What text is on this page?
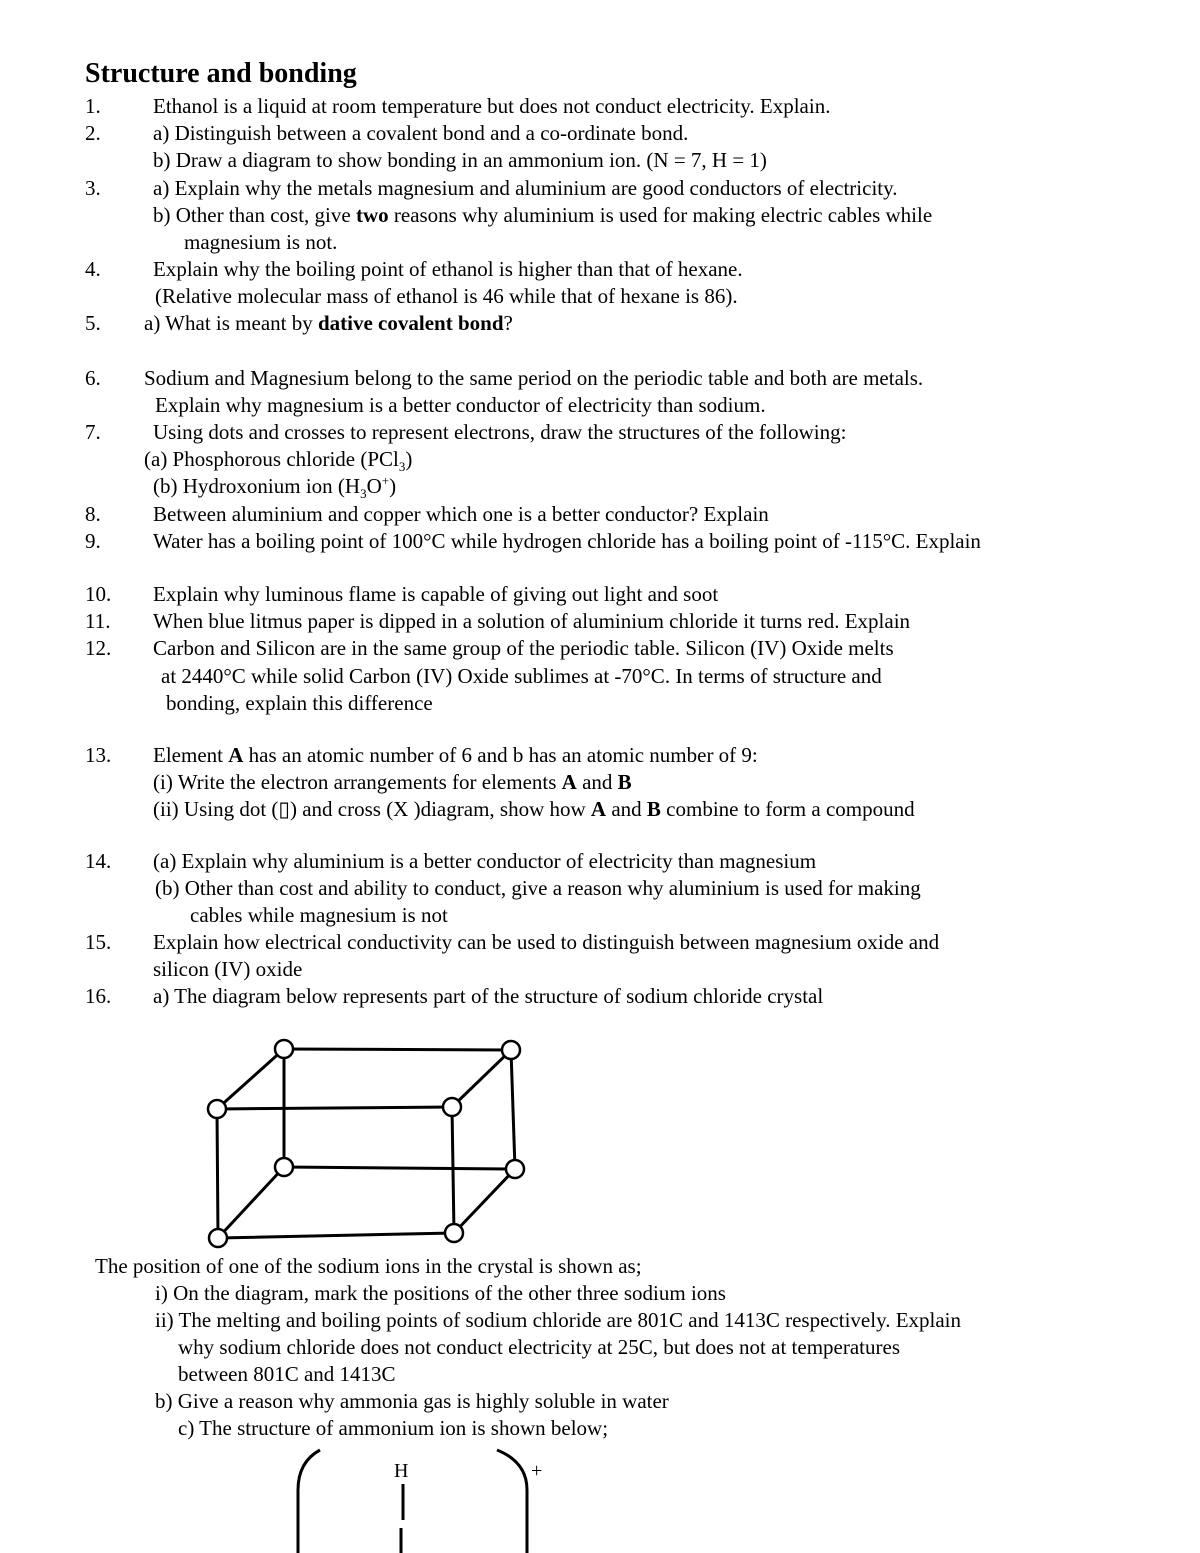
Structure and bonding
1. Ethanol is a liquid at room temperature but does not conduct electricity. Explain.
2. a) Distinguish between a covalent bond and a co-ordinate bond.
b) Draw a diagram to show bonding in an ammonium ion. (N = 7, H = 1)
3. a) Explain why the metals magnesium and aluminium are good conductors of electricity.
b) Other than cost, give two reasons why aluminium is used for making electric cables while
magnesium is not.
4. Explain why the boiling point of ethanol is higher than that of hexane.
(Relative molecular mass of ethanol is 46 while that of hexane is 86).
5. a) What is meant by dative covalent bond?
6. Sodium and Magnesium belong to the same period on the periodic table and both are metals.
Explain why magnesium is a better conductor of electricity than sodium.
7. Using dots and crosses to represent electrons, draw the structures of the following:
(a) Phosphorous chloride (PCl$_3$)
(b) Hydroxonium ion $(H_3O^+)$
8. Between aluminium and copper which one is a better conductor? Explain
9. Water has a boiling point of 100°C while hydrogen chloride has a boiling point of -115°C. Explain
10. Explain why luminous flame is capable of giving out light and soot
11. When blue litmus paper is dipped in a solution of aluminium chloride it turns red. Explain
12. Carbon and Silicon are in the same group of the periodic table. Silicon (IV) Oxide melts
at 2440°C while solid Carbon (IV) Oxide sublimes at -70°C. In terms of structure and
bonding, explain this difference
13. Element A has an atomic number of 6 and b has an atomic number of 9:
(i) Write the electron arrangements for elements A and B
(ii) Using dot (▯) and cross (X )diagram, show how A and B combine to form a compound
14. (a) Explain why aluminium is a better conductor of electricity than magnesium
(b) Other than cost and ability to conduct, give a reason why aluminium is used for making
cables while magnesium is not
15. Explain how electrical conductivity can be used to distinguish between magnesium oxide and
silicon (IV) oxide
16. a) The diagram below represents part of the structure of sodium chloride crystal
The position of one of the sodium ions in the crystal is shown as;
i) On the diagram, mark the positions of the other three sodium ions
ii) The melting and boiling points of sodium chloride are 801C and 1413C respectively. Explain
why sodium chloride does not conduct electricity at 25C, but does not at temperatures
between 801C and 1413C
b) Give a reason why ammonia gas is highly soluble in water
c) The structure of ammonium ion is shown below;
H	+
